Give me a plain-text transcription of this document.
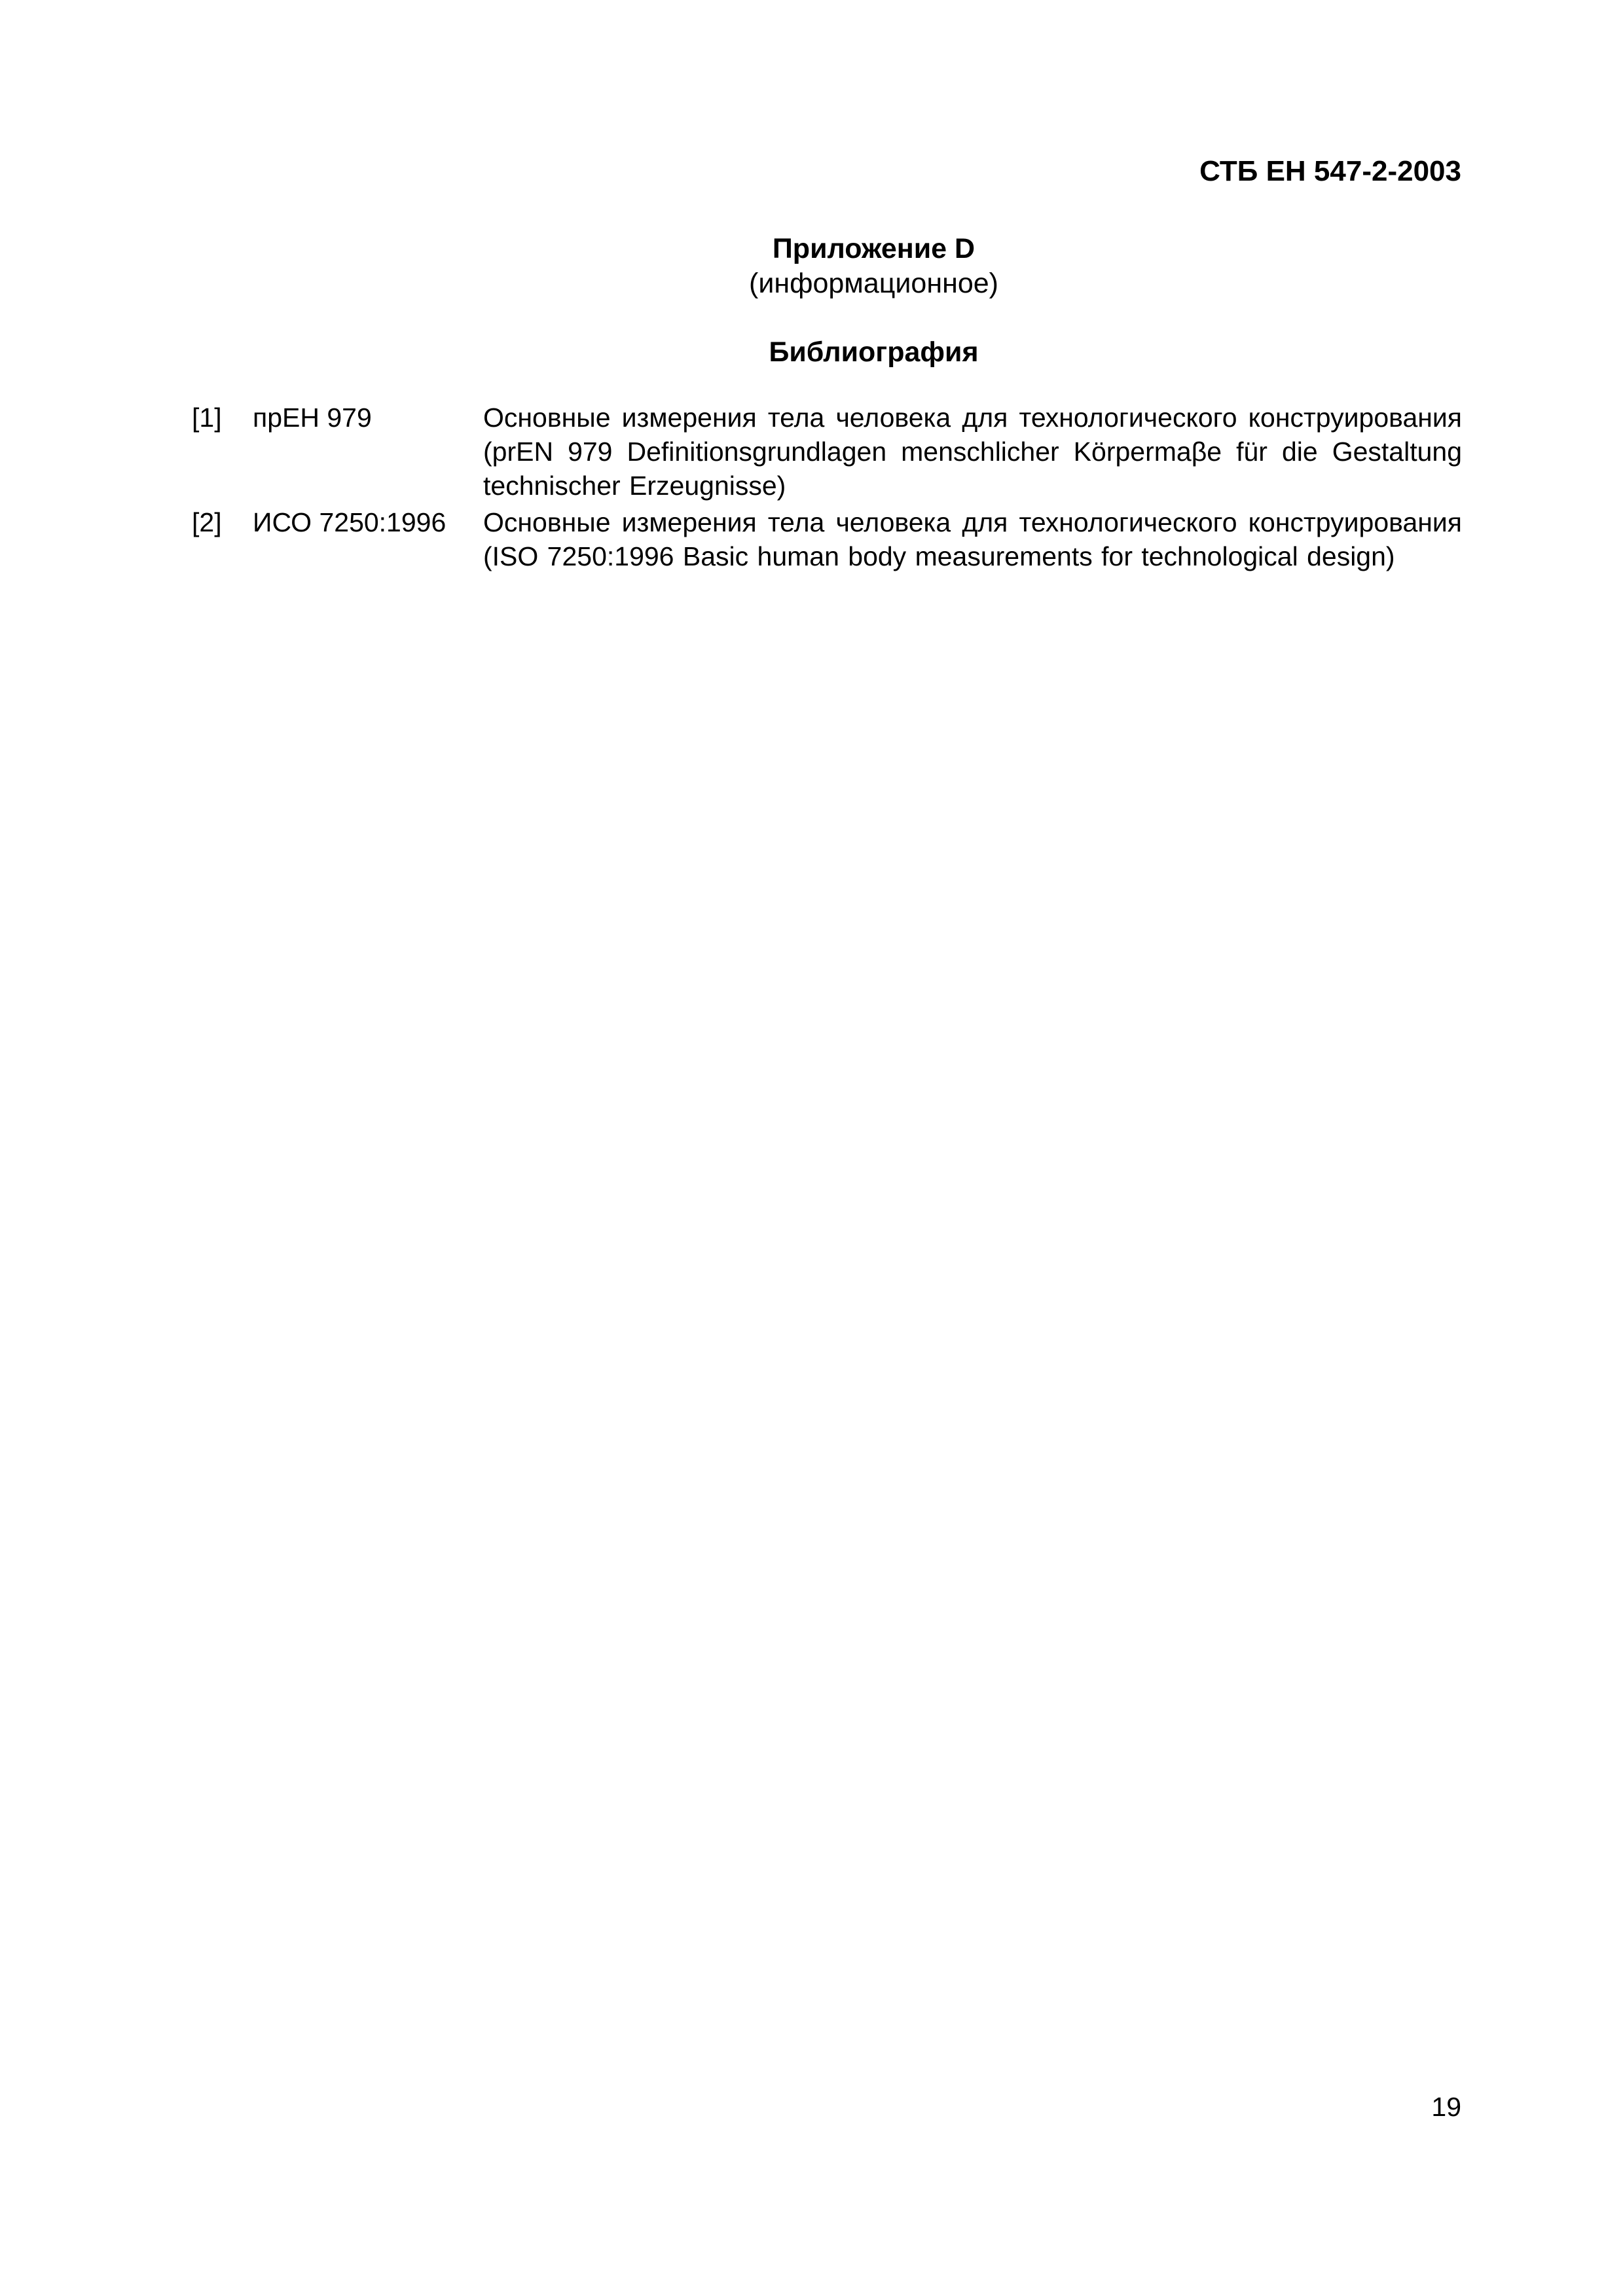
СТБ ЕН 547-2-2003
Приложение D
(информационное)
Библиография
[1] прЕН 979	Основные измерения тела человека для технологического конструирования (prEN 979 Definitionsgrundlagen menschlicher Körpermaβe für die Gestaltung technischer Erzeugnisse)
[2] ИСО 7250:1996 Основные измерения тела человека для технологического конструирования (ISO 7250:1996 Basic human body measurements for technological design)
19
